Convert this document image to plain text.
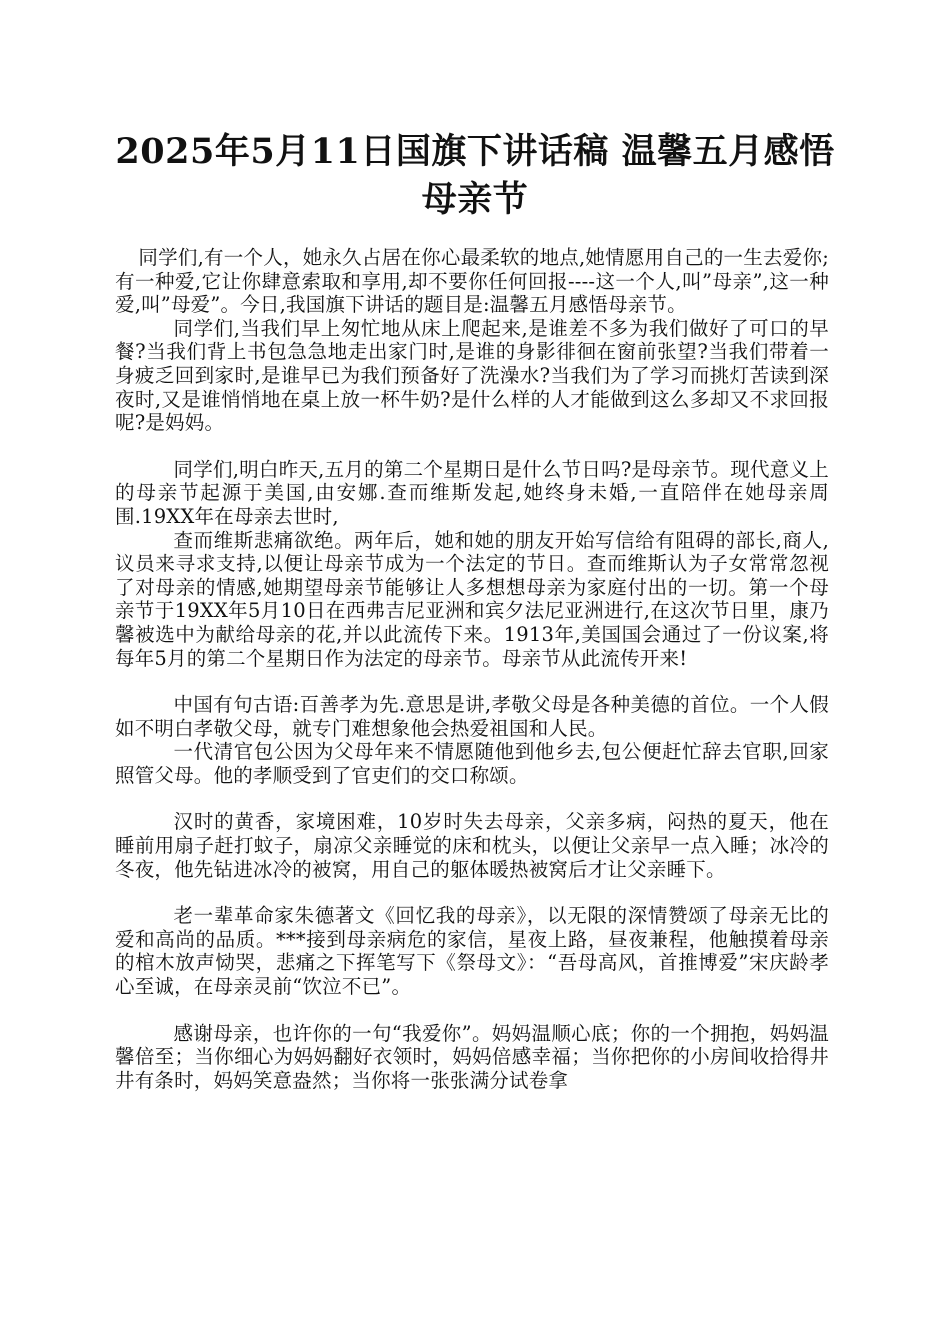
2025年5月11日国旗下讲话稿 温馨五月感悟
母亲节

同学们,有一个人，她永久占居在你心最柔软的地点,她情愿用自己的一生去爱你;有一种爱,它让你肆意索取和享用,却不要你任何回报----这一个人,叫”母亲”,这一种爱,叫”母爱”。今日,我国旗下讲话的题目是:温馨五月感悟母亲节。

同学们,当我们早上匆忙地从床上爬起来,是谁差不多为我们做好了可口的早餐?当我们背上书包急急地走出家门时,是谁的身影徘徊在窗前张望?当我们带着一身疲乏回到家时,是谁早已为我们预备好了洗澡水?当我们为了学习而挑灯苦读到深夜时,又是谁悄悄地在桌上放一杯牛奶?是什么样的人才能做到这么多却又不求回报呢?是妈妈。

同学们,明白昨天,五月的第二个星期日是什么节日吗?是母亲节。现代意义上的母亲节起源于美国,由安娜.查而维斯发起,她终身未婚,一直陪伴在她母亲周围.19XX年在母亲去世时,

查而维斯悲痛欲绝。两年后，她和她的朋友开始写信给有阻碍的部长,商人,议员来寻求支持,以便让母亲节成为一个法定的节日。查而维斯认为子女常常忽视了对母亲的情感,她期望母亲节能够让人多想想母亲为家庭付出的一切。第一个母亲节于19XX年5月10日在西弗吉尼亚洲和宾夕法尼亚洲进行,在这次节日里，康乃馨被选中为献给母亲的花,并以此流传下来。1913年,美国国会通过了一份议案,将每年5月的第二个星期日作为法定的母亲节。母亲节从此流传开来!

中国有句古语:百善孝为先.意思是讲,孝敬父母是各种美德的首位。一个人假如不明白孝敬父母，就专门难想象他会热爱祖国和人民。

一代清官包公因为父母年来不情愿随他到他乡去,包公便赶忙辞去官职,回家照管父母。他的孝顺受到了官吏们的交口称颂。

汉时的黄香，家境困难，10岁时失去母亲，父亲多病，闷热的夏天，他在睡前用扇子赶打蚊子，扇凉父亲睡觉的床和枕头，以便让父亲早一点入睡；冰冷的冬夜，他先钻进冰冷的被窝，用自己的躯体暖热被窝后才让父亲睡下。

老一辈革命家朱德著文《回忆我的母亲》，以无限的深情赞颂了母亲无比的爱和高尚的品质。***接到母亲病危的家信，星夜上路，昼夜兼程，他触摸着母亲的棺木放声恸哭，悲痛之下挥笔写下《祭母文》：“吾母高风，首推博爱”宋庆龄孝心至诚，在母亲灵前“饮泣不已”。

感谢母亲，也许你的一句“我爱你”。妈妈温顺心底；你的一个拥抱，妈妈温馨倍至；当你细心为妈妈翻好衣领时，妈妈倍感幸福；当你把你的小房间收拾得井井有条时，妈妈笑意盎然；当你将一张张满分试卷拿
